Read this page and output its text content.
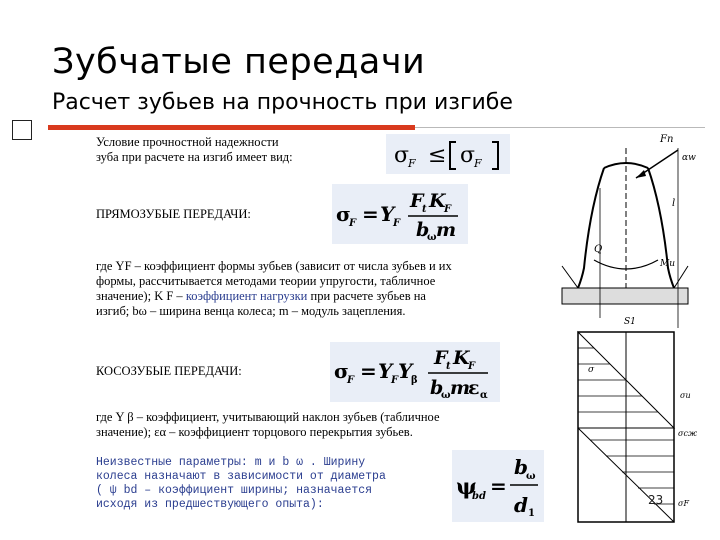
Зубчатые передачи
Расчет зубьев на прочность при изгибе
Условие прочностной надежности
зуба при расчете на изгиб имеет вид:	σ
F ≤ σ
F
ПРЯМОЗУБЫЕ ПЕРЕДАЧИ:	σ
F = Y
F
F
t K
F
b
ω m
где YF – коэффициент формы зубьев (зависит от числа зубьев и их
формы, рассчитывается методами теории упругости, табличное
значение); K F – коэффициент нагрузки при расчете зубьев на
изгиб; bω – ширина венца колеса; m – модуль зацепления.
КОСОЗУБЫЕ ПЕРЕДАЧИ:	σ
F = Y
F Y
β
F
t K
F
b
ω m
ε α
где Y β – коэффициент, учитывающий наклон зубьев (табличное
значение); εα – коэффициент торцового перекрытия зубьев.
Неизвестные параметры: m и b ω . Ширину
колеса назначают в зависимости от диаметра
( ψ bd – коэффициент ширины; назначается
исходя из предшествующего опыта):
ψ
bd =
b
ω
d 1
Fn
αw
l
Q
Mu
S1
σ
σи
σсж
σF
23
